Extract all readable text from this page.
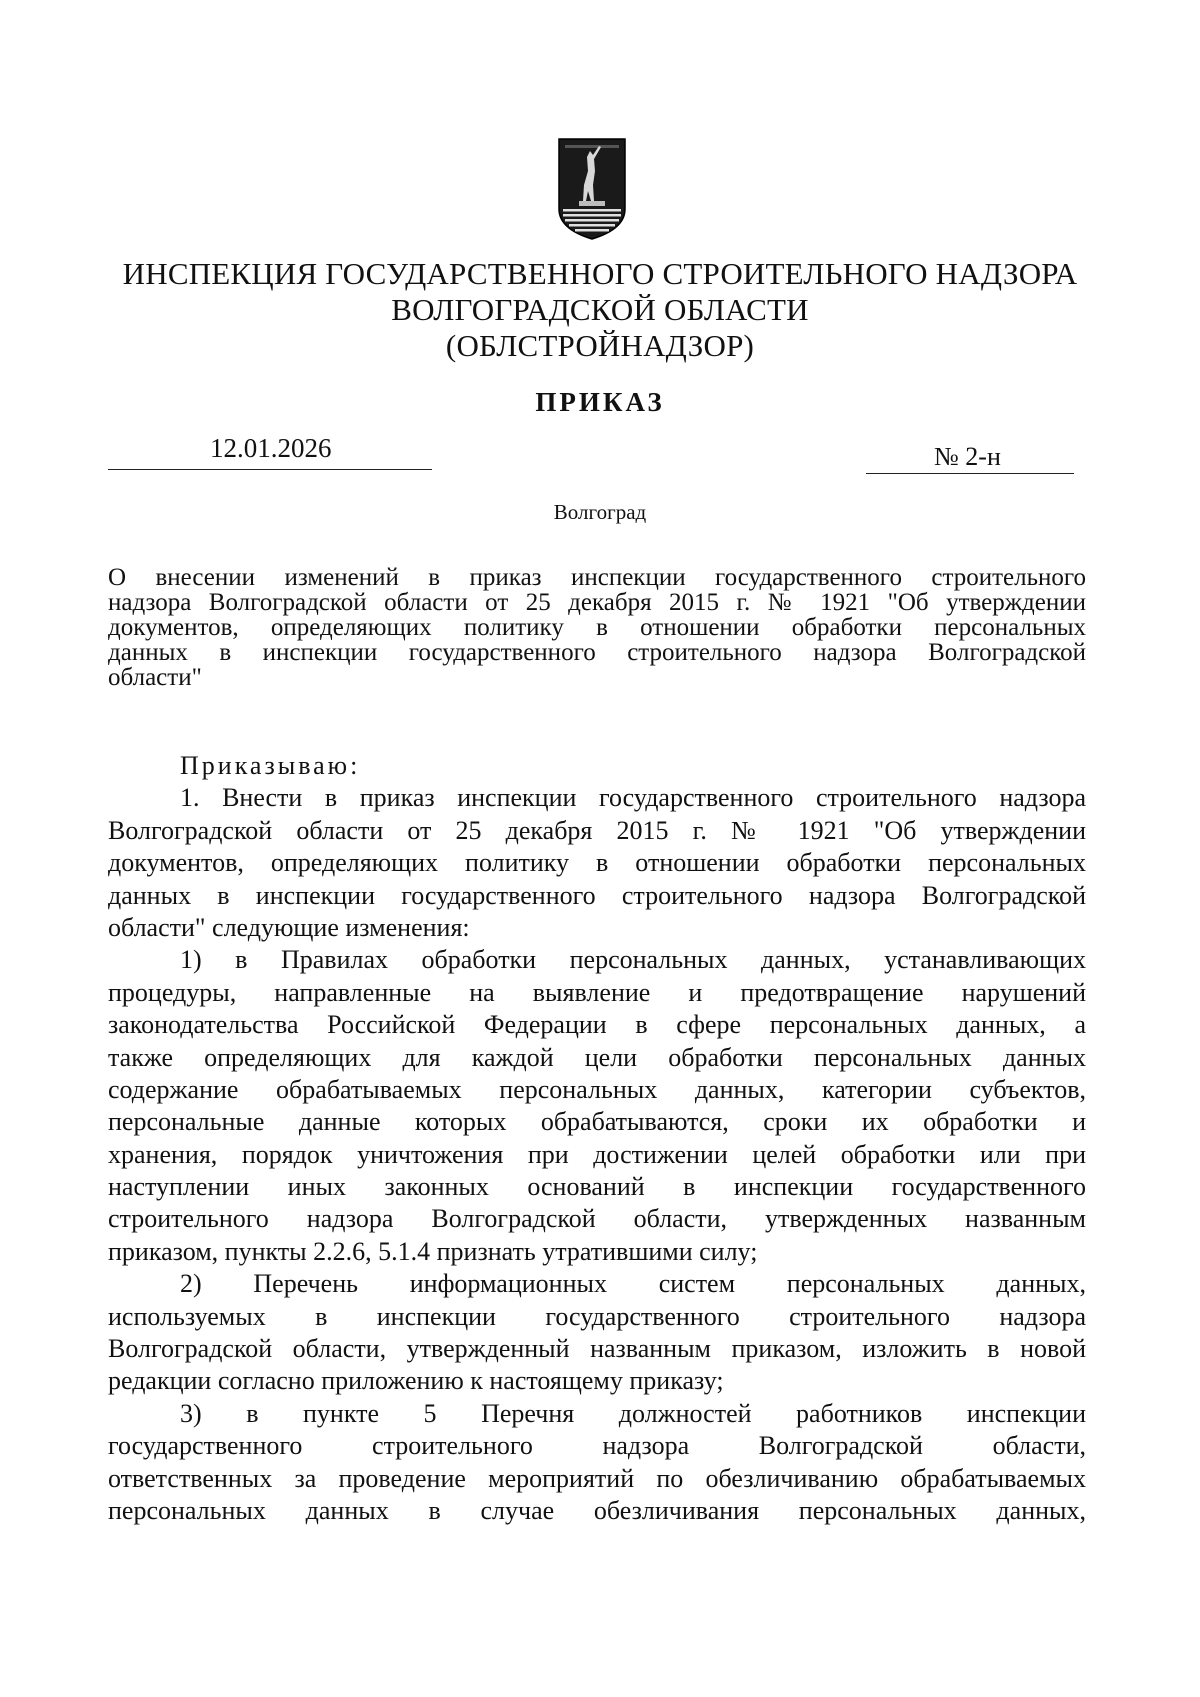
ИНСПЕКЦИЯ ГОСУДАРСТВЕННОГО СТРОИТЕЛЬНОГО НАДЗОРА
ВОЛГОГРАДСКОЙ ОБЛАСТИ
(ОБЛСТРОЙНАДЗОР)
ПРИКАЗ
12.01.2026	№ 2-н
Волгоград
О внесении изменений в приказ инспекции государственного строительного
надзора Волгоградской области от 25 декабря 2015 г. № 1921 "Об утверждении
документов, определяющих политику в отношении обработки персональных
данных в инспекции государственного строительного надзора Волгоградской
области"
Приказываю:
1. Внести в приказ инспекции государственного строительного надзора
Волгоградской области от 25 декабря 2015 г. № 1921 "Об утверждении
документов, определяющих политику в отношении обработки персональных
данных в инспекции государственного строительного надзора Волгоградской
области" следующие изменения:
1) в Правилах обработки персональных данных, устанавливающих
процедуры, направленные на выявление и предотвращение нарушений
законодательства Российской Федерации в сфере персональных данных, а
также определяющих для каждой цели обработки персональных данных
содержание обрабатываемых персональных данных, категории субъектов,
персональные данные которых обрабатываются, сроки их обработки и
хранения, порядок уничтожения при достижении целей обработки или при
наступлении иных законных оснований в инспекции государственного
строительного надзора Волгоградской области, утвержденных названным
приказом, пункты 2.2.6, 5.1.4 признать утратившими силу;
2) Перечень информационных систем персональных данных,
используемых в инспекции государственного строительного надзора
Волгоградской области, утвержденный названным приказом, изложить в новой
редакции согласно приложению к настоящему приказу;
3) в пункте 5 Перечня должностей работников инспекции
государственного строительного надзора Волгоградской области,
ответственных за проведение мероприятий по обезличиванию обрабатываемых
персональных данных в случае обезличивания персональных данных,
